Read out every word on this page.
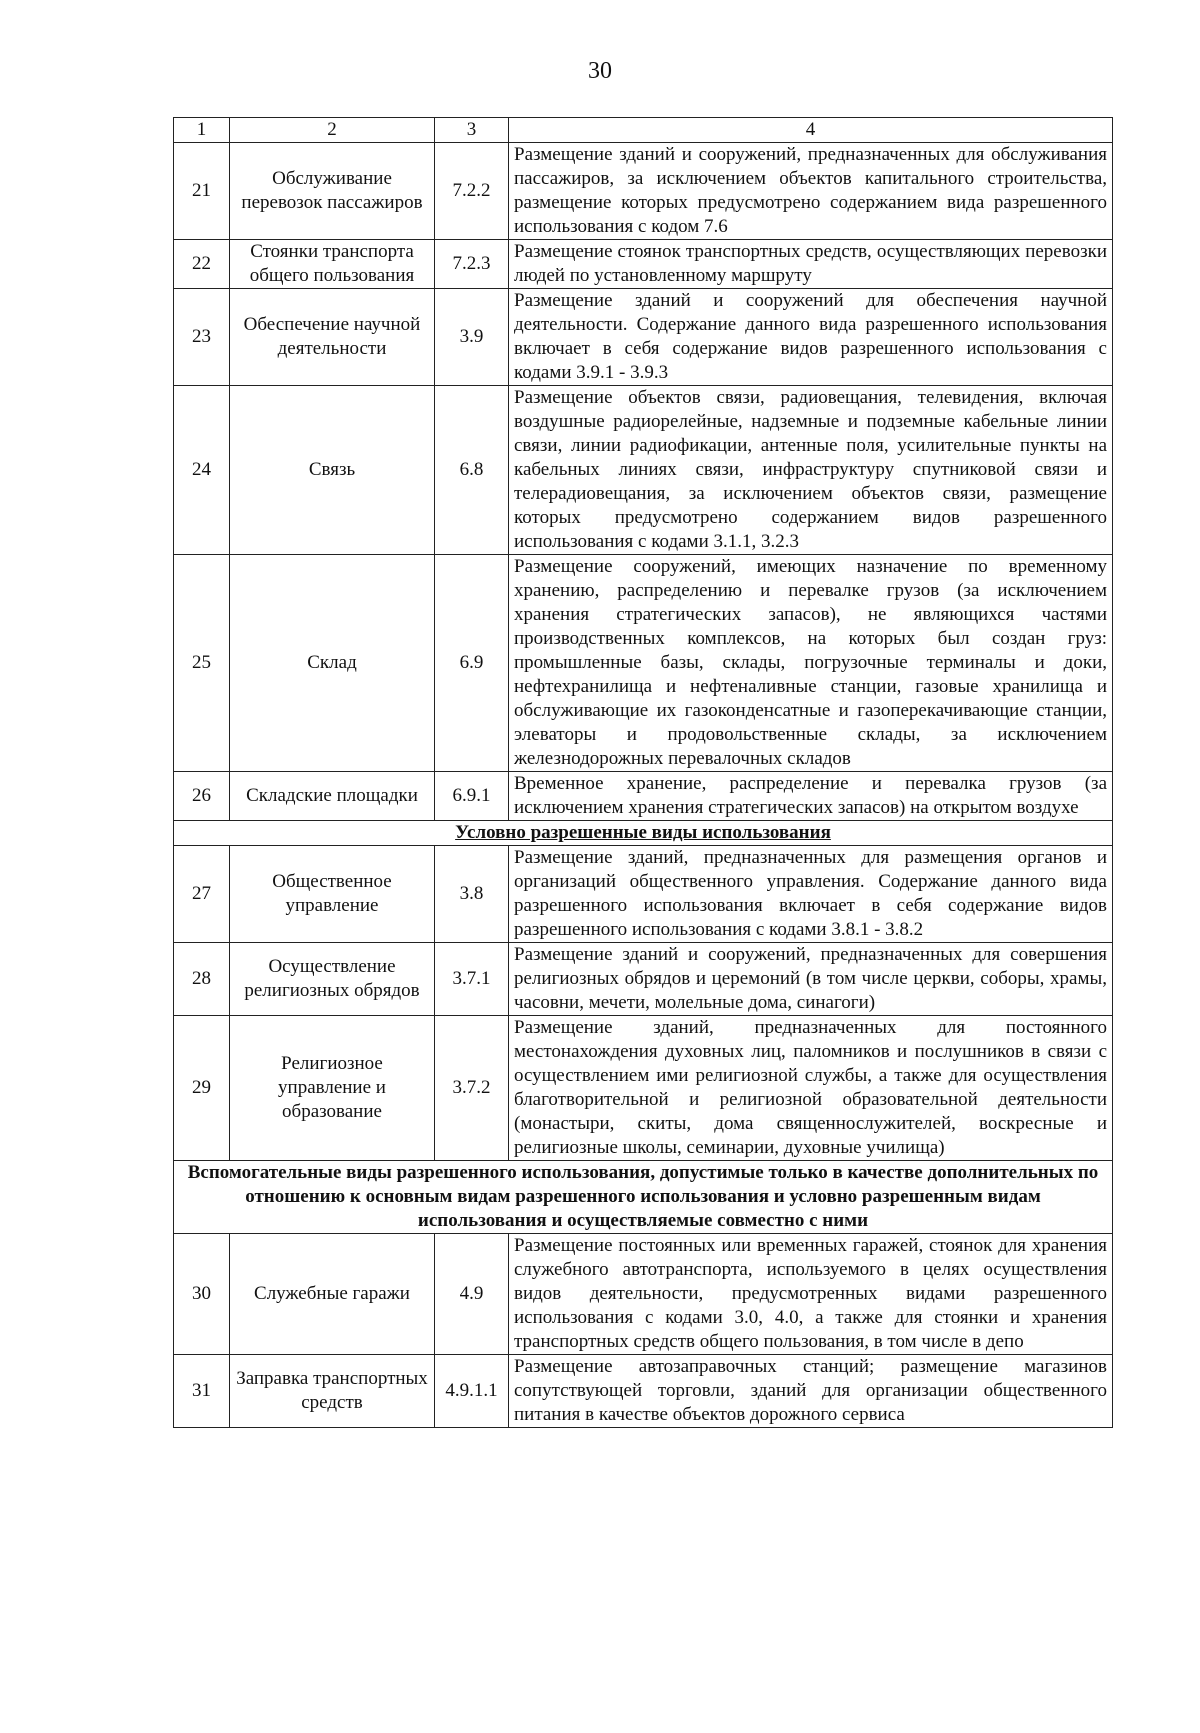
30
1	2	3	4
21	Обслуживание перевозок пассажиров	7.2.2	Размещение зданий и сооружений, предназначенных для обслуживания пассажиров, за исключением объектов капитального строительства, размещение которых предусмотрено содержанием вида разрешенного использования с кодом 7.6
22	Стоянки транспорта общего пользования	7.2.3	Размещение стоянок транспортных средств, осуществляющих перевозки людей по установленному маршруту
23	Обеспечение научной деятельности	3.9	Размещение зданий и сооружений для обеспечения научной деятельности. Содержание данного вида разрешенного использования включает в себя содержание видов разрешенного использования с кодами 3.9.1 - 3.9.3
24	Связь	6.8	Размещение объектов связи, радиовещания, телевидения, включая воздушные радиорелейные, надземные и подземные кабельные линии связи, линии радиофикации, антенные поля, усилительные пункты на кабельных линиях связи, инфраструктуру спутниковой связи и телерадиовещания, за исключением объектов связи, размещение которых предусмотрено содержанием видов разрешенного использования с кодами 3.1.1, 3.2.3
25	Склад	6.9	Размещение сооружений, имеющих назначение по временному хранению, распределению и перевалке грузов (за исключением хранения стратегических запасов), не являющихся частями производственных комплексов, на которых был создан груз: промышленные базы, склады, погрузочные терминалы и доки, нефтехранилища и нефтеналивные станции, газовые хранилища и обслуживающие их газоконденсатные и газоперекачивающие станции, элеваторы и продовольственные склады, за исключением железнодорожных перевалочных складов
26	Складские площадки	6.9.1	Временное хранение, распределение и перевалка грузов (за исключением хранения стратегических запасов) на открытом воздухе
Условно разрешенные виды использования			
27	Общественное управление	3.8	Размещение зданий, предназначенных для размещения органов и организаций общественного управления. Содержание данного вида разрешенного использования включает в себя содержание видов разрешенного использования с кодами 3.8.1 - 3.8.2
28	Осуществление религиозных обрядов	3.7.1	Размещение зданий и сооружений, предназначенных для совершения религиозных обрядов и церемоний (в том числе церкви, соборы, храмы, часовни, мечети, молельные дома, синагоги)
29	Религиозное управление и образование	3.7.2	Размещение зданий, предназначенных для постоянного местонахождения духовных лиц, паломников и послушников в связи с осуществлением ими религиозной службы, а также для осуществления благотворительной и религиозной образовательной деятельности (монастыри, скиты, дома священнослужителей, воскресные и религиозные школы, семинарии, духовные училища)
Вспомогательные виды разрешенного использования, допустимые только в качестве дополнительных по отношению к основным видам разрешенного использования и условно разрешенным видам использования и осуществляемые совместно с ними			
30	Служебные гаражи	4.9	Размещение постоянных или временных гаражей, стоянок для хранения служебного автотранспорта, используемого в целях осуществления видов деятельности, предусмотренных видами разрешенного использования с кодами 3.0, 4.0, а также для стоянки и хранения транспортных средств общего пользования, в том числе в депо
31	Заправка транспортных средств	4.9.1.1	Размещение автозаправочных станций; размещение магазинов сопутствующей торговли, зданий для организации общественного питания в качестве объектов дорожного сервиса
